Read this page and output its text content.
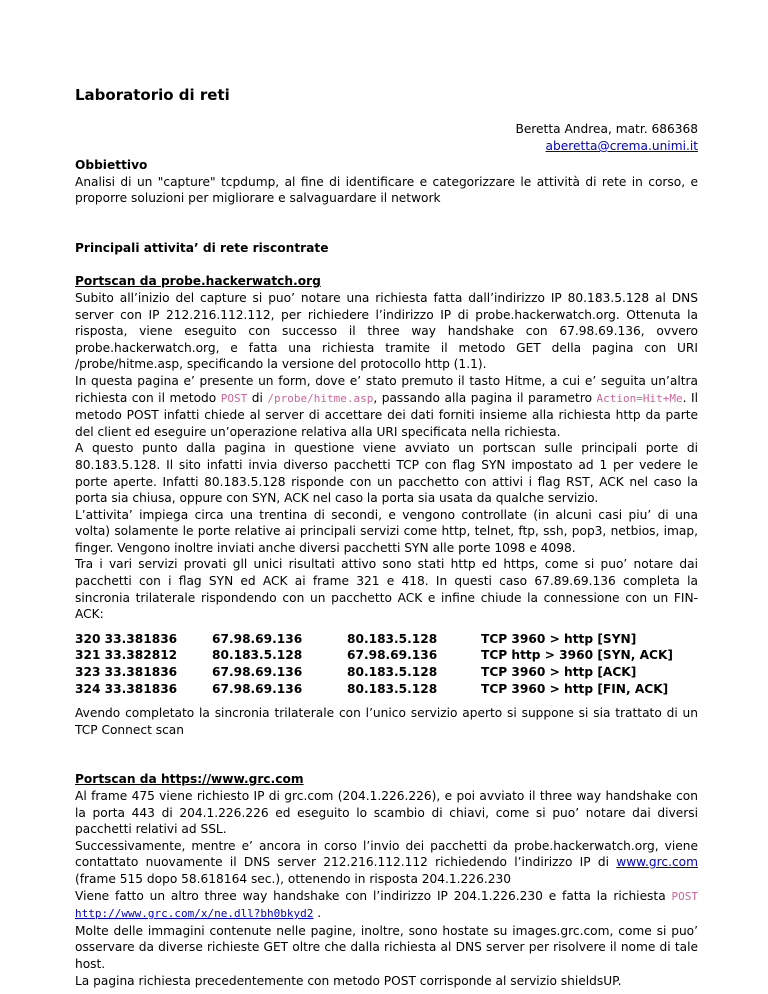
Laboratorio di reti
Beretta Andrea, matr. 686368
aberetta@crema.unimi.it

Obbiettivo

Analisi di un "capture" tcpdump, al fine di identificare e categorizzare le attività di rete in corso, e proporre soluzioni per migliorare e salvaguardare il network

Principali attivita’ di rete riscontrate

Portscan da probe.hackerwatch.org

Subito all’inizio del capture si puo’ notare una richiesta fatta dall’indirizzo IP 80.183.5.128 al DNS server con IP 212.216.112.112, per richiedere l’indirizzo IP di probe.hackerwatch.org. Ottenuta la risposta, viene eseguito con successo il three way handshake con 67.98.69.136, ovvero probe.hackerwatch.org, e fatta una richiesta tramite il metodo GET della pagina con URI /probe/hitme.asp, specificando la versione del protocollo http (1.1).

In questa pagina e’ presente un form, dove e’ stato premuto il tasto Hitme, a cui e’ seguita un’altra richiesta con il metodo POST di /probe/hitme.asp, passando alla pagina il parametro Action=Hit+Me. Il metodo POST infatti chiede al server di accettare dei dati forniti insieme alla richiesta http da parte del client ed eseguire un’operazione relativa alla URI specificata nella richiesta.

A questo punto dalla pagina in questione viene avviato un portscan sulle principali porte di 80.183.5.128. Il sito infatti invia diverso pacchetti TCP con flag SYN impostato ad 1 per vedere le porte aperte. Infatti 80.183.5.128 risponde con un pacchetto con attivi i flag RST, ACK nel caso la porta sia chiusa, oppure con SYN, ACK nel caso la porta sia usata da qualche servizio.

L’attivita’ impiega circa una trentina di secondi, e vengono controllate (in alcuni casi piu’ di una volta) solamente le porte relative ai principali servizi come http, telnet, ftp, ssh, pop3, netbios, imap, finger. Vengono inoltre inviati anche diversi pacchetti SYN alle porte 1098 e 4098.

Tra i vari servizi provati gll unici risultati attivo sono stati http ed https, come si puo’ notare dai pacchetti con i flag SYN ed ACK ai frame 321 e 418. In questi caso 67.89.69.136 completa la sincronia trilaterale rispondendo con un pacchetto ACK e infine chiude la connessione con un FIN-ACK:

320 33.381836	67.98.69.136	80.183.5.128	TCP 3960 > http [SYN]
321 33.382812	80.183.5.128	67.98.69.136	TCP http > 3960 [SYN, ACK]
323 33.381836	67.98.69.136	80.183.5.128	TCP 3960 > http [ACK]
324 33.381836	67.98.69.136	80.183.5.128	TCP 3960 > http [FIN, ACK]

Avendo completato la sincronia trilaterale con l’unico servizio aperto si suppone si sia trattato di un TCP Connect scan

Portscan da https://www.grc.com

Al frame 475 viene richiesto IP di grc.com (204.1.226.226), e poi avviato il three way handshake con la porta 443 di 204.1.226.226 ed eseguito lo scambio di chiavi, come si puo’ notare dai diversi pacchetti relativi ad SSL.

Successivamente, mentre e’ ancora in corso l’invio dei pacchetti da probe.hackerwatch.org, viene contattato nuovamente il DNS server 212.216.112.112 richiedendo l’indirizzo IP di www.grc.com (frame 515 dopo 58.618164 sec.), ottenendo in risposta 204.1.226.230

Viene fatto un altro three way handshake con l’indirizzo IP 204.1.226.230 e fatta la richiesta POST http://www.grc.com/x/ne.dll?bh0bkyd2 .

Molte delle immagini contenute nelle pagine, inoltre, sono hostate su images.grc.com, come si puo’ osservare da diverse richieste GET oltre che dalla richiesta al DNS server per risolvere il nome di tale host.

La pagina richiesta precedentemente con metodo POST corrisponde al servizio shieldsUP.
